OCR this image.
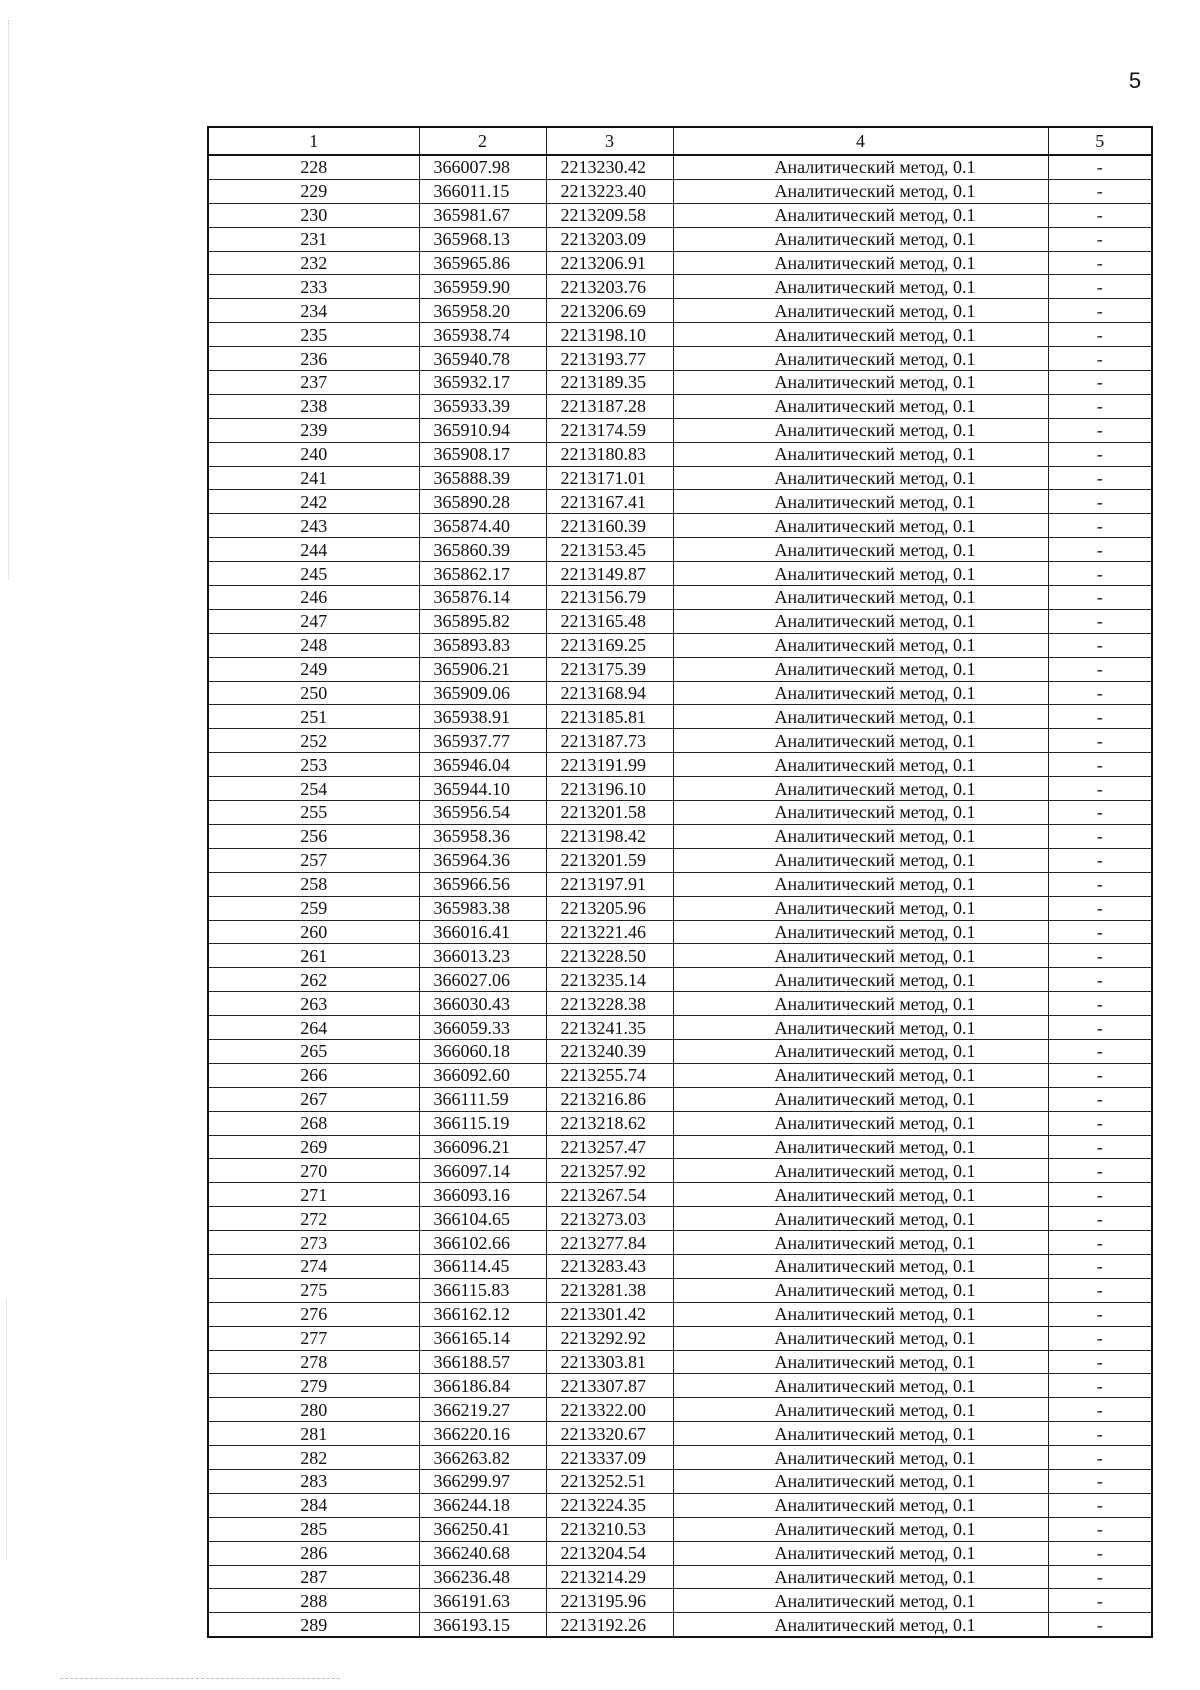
5
1	2	3	4	5
228	366007.98	2213230.42	Аналитический метод, 0.1	-
229	366011.15	2213223.40	Аналитический метод, 0.1	-
230	365981.67	2213209.58	Аналитический метод, 0.1	-
231	365968.13	2213203.09	Аналитический метод, 0.1	-
232	365965.86	2213206.91	Аналитический метод, 0.1	-
233	365959.90	2213203.76	Аналитический метод, 0.1	-
234	365958.20	2213206.69	Аналитический метод, 0.1	-
235	365938.74	2213198.10	Аналитический метод, 0.1	-
236	365940.78	2213193.77	Аналитический метод, 0.1	-
237	365932.17	2213189.35	Аналитический метод, 0.1	-
238	365933.39	2213187.28	Аналитический метод, 0.1	-
239	365910.94	2213174.59	Аналитический метод, 0.1	-
240	365908.17	2213180.83	Аналитический метод, 0.1	-
241	365888.39	2213171.01	Аналитический метод, 0.1	-
242	365890.28	2213167.41	Аналитический метод, 0.1	-
243	365874.40	2213160.39	Аналитический метод, 0.1	-
244	365860.39	2213153.45	Аналитический метод, 0.1	-
245	365862.17	2213149.87	Аналитический метод, 0.1	-
246	365876.14	2213156.79	Аналитический метод, 0.1	-
247	365895.82	2213165.48	Аналитический метод, 0.1	-
248	365893.83	2213169.25	Аналитический метод, 0.1	-
249	365906.21	2213175.39	Аналитический метод, 0.1	-
250	365909.06	2213168.94	Аналитический метод, 0.1	-
251	365938.91	2213185.81	Аналитический метод, 0.1	-
252	365937.77	2213187.73	Аналитический метод, 0.1	-
253	365946.04	2213191.99	Аналитический метод, 0.1	-
254	365944.10	2213196.10	Аналитический метод, 0.1	-
255	365956.54	2213201.58	Аналитический метод, 0.1	-
256	365958.36	2213198.42	Аналитический метод, 0.1	-
257	365964.36	2213201.59	Аналитический метод, 0.1	-
258	365966.56	2213197.91	Аналитический метод, 0.1	-
259	365983.38	2213205.96	Аналитический метод, 0.1	-
260	366016.41	2213221.46	Аналитический метод, 0.1	-
261	366013.23	2213228.50	Аналитический метод, 0.1	-
262	366027.06	2213235.14	Аналитический метод, 0.1	-
263	366030.43	2213228.38	Аналитический метод, 0.1	-
264	366059.33	2213241.35	Аналитический метод, 0.1	-
265	366060.18	2213240.39	Аналитический метод, 0.1	-
266	366092.60	2213255.74	Аналитический метод, 0.1	-
267	366111.59	2213216.86	Аналитический метод, 0.1	-
268	366115.19	2213218.62	Аналитический метод, 0.1	-
269	366096.21	2213257.47	Аналитический метод, 0.1	-
270	366097.14	2213257.92	Аналитический метод, 0.1	-
271	366093.16	2213267.54	Аналитический метод, 0.1	-
272	366104.65	2213273.03	Аналитический метод, 0.1	-
273	366102.66	2213277.84	Аналитический метод, 0.1	-
274	366114.45	2213283.43	Аналитический метод, 0.1	-
275	366115.83	2213281.38	Аналитический метод, 0.1	-
276	366162.12	2213301.42	Аналитический метод, 0.1	-
277	366165.14	2213292.92	Аналитический метод, 0.1	-
278	366188.57	2213303.81	Аналитический метод, 0.1	-
279	366186.84	2213307.87	Аналитический метод, 0.1	-
280	366219.27	2213322.00	Аналитический метод, 0.1	-
281	366220.16	2213320.67	Аналитический метод, 0.1	-
282	366263.82	2213337.09	Аналитический метод, 0.1	-
283	366299.97	2213252.51	Аналитический метод, 0.1	-
284	366244.18	2213224.35	Аналитический метод, 0.1	-
285	366250.41	2213210.53	Аналитический метод, 0.1	-
286	366240.68	2213204.54	Аналитический метод, 0.1	-
287	366236.48	2213214.29	Аналитический метод, 0.1	-
288	366191.63	2213195.96	Аналитический метод, 0.1	-
289	366193.15	2213192.26	Аналитический метод, 0.1	-
